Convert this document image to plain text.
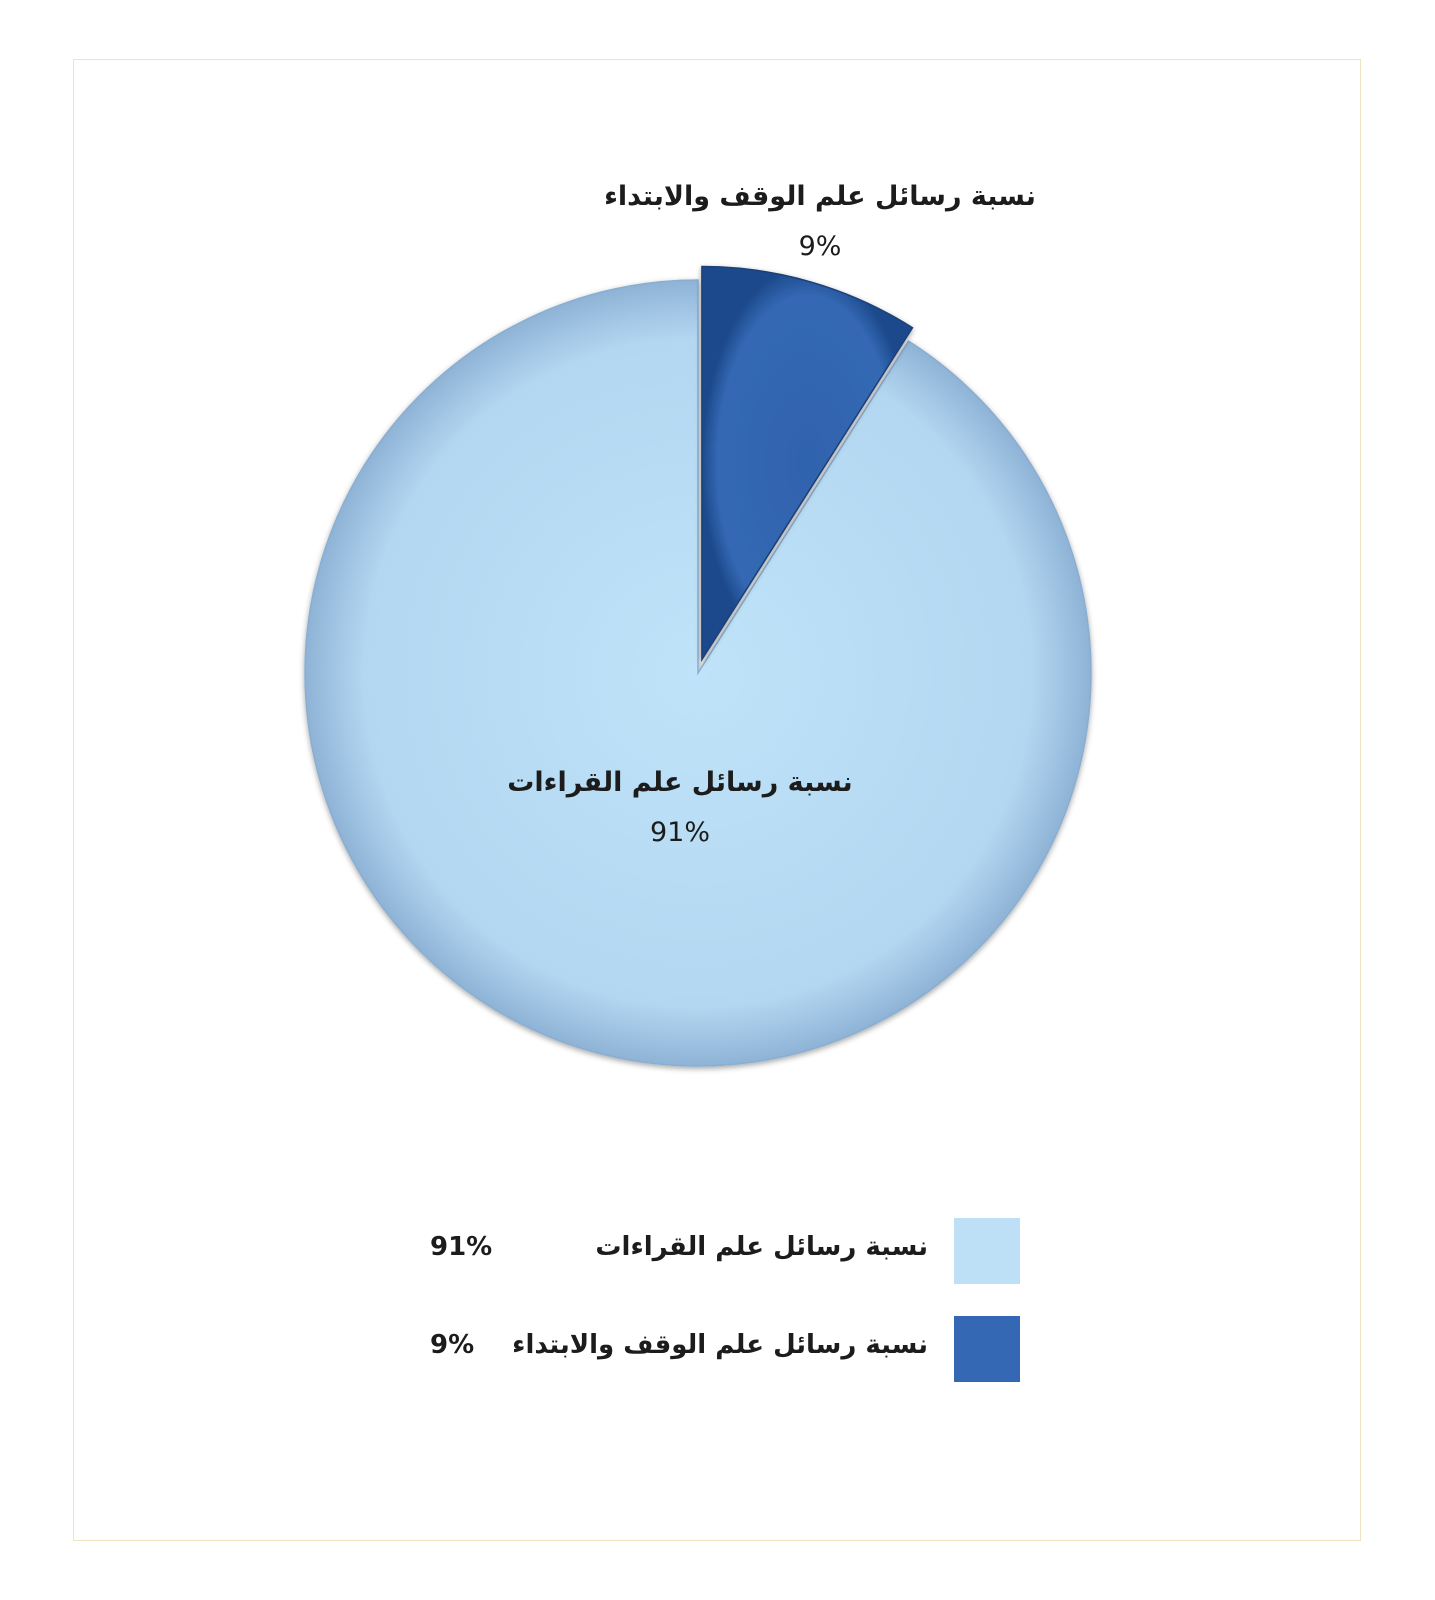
نسبة رسائل علم القراءات
91%
نسبة رسائل علم الوقف والابتداء
9%
نسبة رسائل علم القراءات
91%
نسبة رسائل علم الوقف والابتداء
9%
